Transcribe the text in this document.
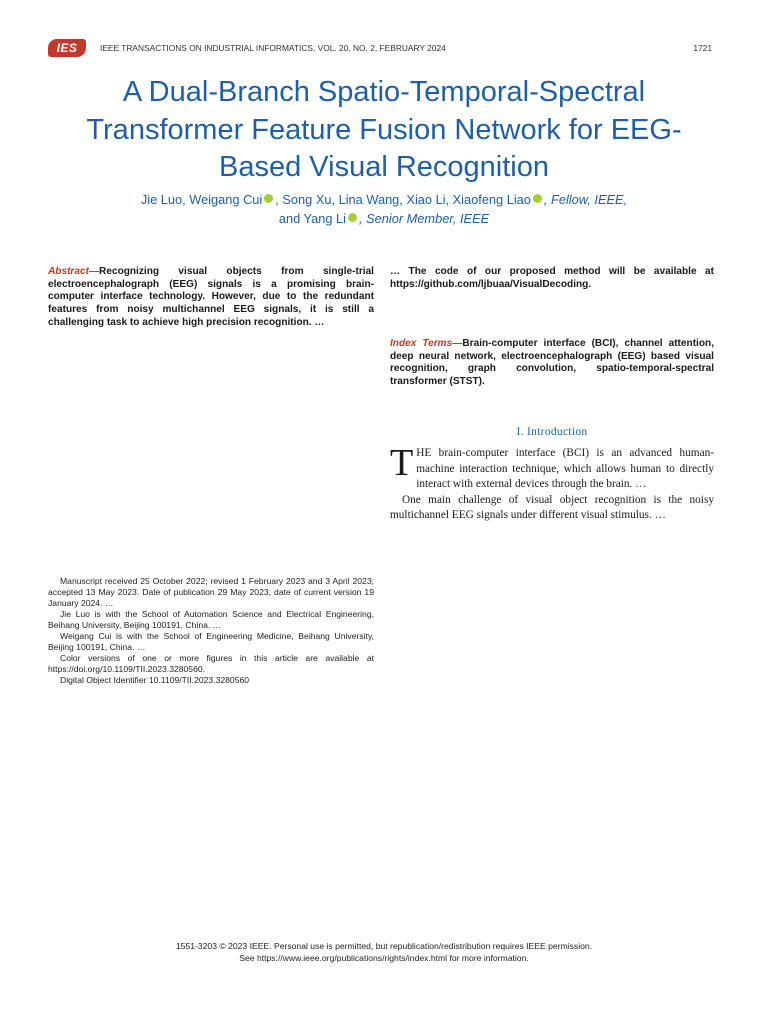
IES	IEEE TRANSACTIONS ON INDUSTRIAL INFORMATICS, VOL. 20, NO. 2, FEBRUARY 2024	1721
A Dual-Branch Spatio-Temporal-Spectral Transformer Feature Fusion Network for EEG-Based Visual Recognition
Jie Luo, Weigang Cui , Song Xu, Lina Wang, Xiao Li, Xiaofeng Liao , Fellow, IEEE,
and Yang Li , Senior Member, IEEE

Abstract—Recognizing visual objects from single-trial electroencephalograph (EEG) signals is a promising brain-computer interface technology. However, due to the redundant features from noisy multichannel EEG signals, it is still a challenging task to achieve high precision recognition. …

Manuscript received 25 October 2022; revised 1 February 2023 and 3 April 2023; accepted 13 May 2023. Date of publication 29 May 2023; date of current version 19 January 2024. …

Jie Luo is with the School of Automation Science and Electrical Engineering, Beihang University, Beijing 100191, China. …

Weigang Cui is with the School of Engineering Medicine, Beihang University, Beijing 100191, China. …

Color versions of one or more figures in this article are available at https://doi.org/10.1109/TII.2023.3280560.

Digital Object Identifier 10.1109/TII.2023.3280560

… The code of our proposed method will be available at https://github.com/ljbuaa/VisualDecoding.

Index Terms—Brain-computer interface (BCI), channel attention, deep neural network, electroencephalograph (EEG) based visual recognition, graph convolution, spatio-temporal-spectral transformer (STST).

I. Introduction

THE brain-computer interface (BCI) is an advanced human-machine interaction technique, which allows human to directly interact with external devices through the brain. …

One main challenge of visual object recognition is the noisy multichannel EEG signals under different visual stimulus. …

1551-3203 © 2023 IEEE. Personal use is permitted, but republication/redistribution requires IEEE permission.
See https://www.ieee.org/publications/rights/index.html for more information.
